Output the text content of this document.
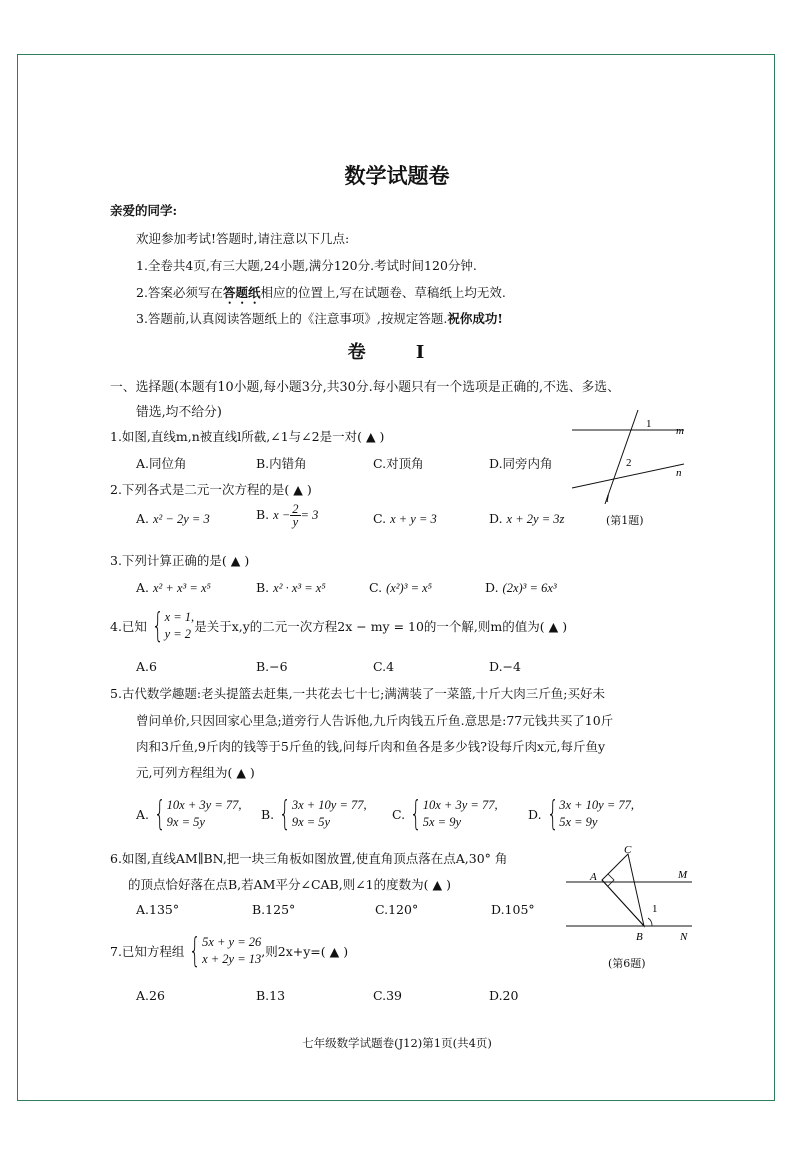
数学试题卷
亲爱的同学:
欢迎参加考试!答题时,请注意以下几点:
1.全卷共4页,有三大题,24小题,满分120分.考试时间120分钟.
2.答案必须写在答题纸相应的位置上,写在试题卷、草稿纸上均无效.
3.答题前,认真阅读答题纸上的《注意事项》,按规定答题.祝你成功!
卷 I
一、选择题(本题有10小题,每小题3分,共30分.每小题只有一个选项是正确的,不选、多选、
错选,均不给分)
1.如图,直线m,n被直线l所截,∠1与∠2是一对( ▲ )
A.同位角	B.内错角	C.对顶角	D.同旁内角
m
n
l
1
2
(第1题)
2.下列各式是二元一次方程的是( ▲ )
A. x² − 2y = 3	B. $x - \frac{2}{y} = 3$	C. x + y = 3	D. x + 2y = 3z
3.下列计算正确的是( ▲ )
A. x² + x³ = x⁵	B. x² · x³ = x⁵	C. (x²)³ = x⁵	D. (2x)³ = 6x³
4.已知 { x = 1,
y = 2 是关于x,y的二元一次方程2x − my = 10的一个解,则m的值为( ▲ )
A.6	B.−6	C.4	D.−4
5.古代数学趣题:老头提篮去赶集,一共花去七十七;满满装了一菜篮,十斤大肉三斤鱼;买好未
曾问单价,只因回家心里急;道旁行人告诉他,九斤肉钱五斤鱼.意思是:77元钱共买了10斤
肉和3斤鱼,9斤肉的钱等于5斤鱼的钱,问每斤肉和鱼各是多少钱?设每斤肉x元,每斤鱼y
元,可列方程组为( ▲ )
A. { 10x + 3y = 77,
9x = 5y
B. { 3x + 10y = 77,
9x = 5y
C. { 10x + 3y = 77,
5x = 9y
D. { 3x + 10y = 77,
5x = 9y
6.如图,直线AM∥BN,把一块三角板如图放置,使直角顶点落在点A,30° 角
的顶点恰好落在点B,若AM平分∠CAB,则∠1的度数为( ▲ )
A.135°	B.125°	C.120°	D.105°
C
A	M
B	N
1
(第6题)
7.已知方程组 { 5x + y = 26
x + 2y = 13 ,则2x+y=( ▲ )
A.26	B.13	C.39	D.20
七年级数学试题卷(J12)第1页(共4页)
